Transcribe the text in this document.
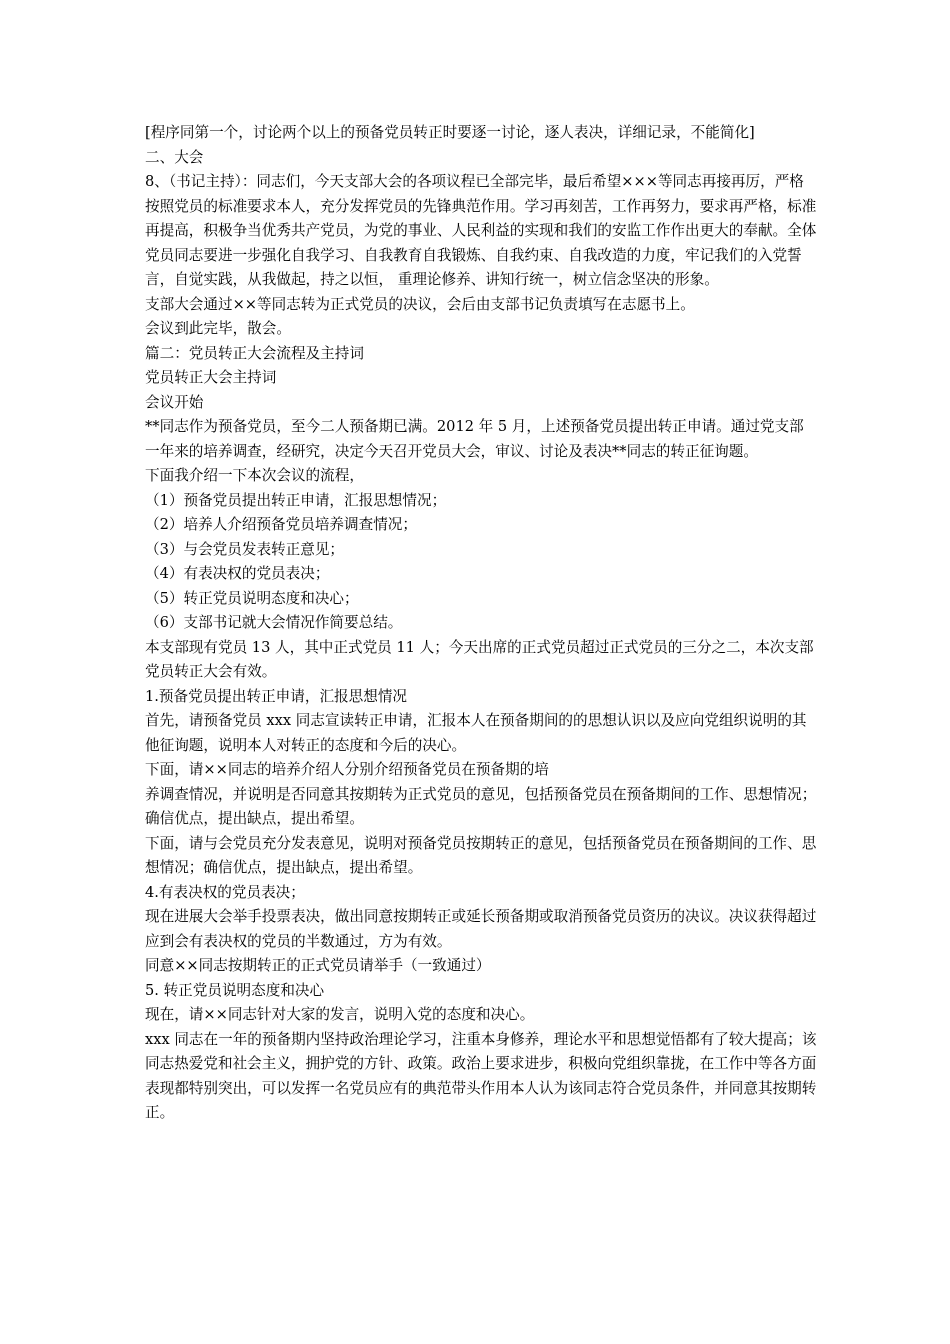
[程序同第一个，讨论两个以上的预备党员转正时要逐一讨论，逐人表决，详细记录，不能简化]

二、大会

8、（书记主持）：同志们，今天支部大会的各项议程已全部完毕，最后希望×××等同志再接再厉，严格按照党员的标准要求本人，充分发挥党员的先锋典范作用。学习再刻苦，工作再努力，要求再严格，标准再提高，积极争当优秀共产党员，为党的事业、人民利益的实现和我们的安监工作作出更大的奉献。全体党员同志要进一步强化自我学习、自我教育自我锻炼、自我约束、自我改造的力度，牢记我们的入党誓言，自觉实践，从我做起，持之以恒， 重理论修养、讲知行统一，树立信念坚决的形象。

支部大会通过××等同志转为正式党员的决议，会后由支部书记负责填写在志愿书上。

会议到此完毕，散会。

篇二：党员转正大会流程及主持词

党员转正大会主持词

会议开始

**同志作为预备党员，至今二人预备期已满。2012 年 5 月，上述预备党员提出转正申请。通过党支部一年来的培养调查，经研究，决定今天召开党员大会，审议、讨论及表决**同志的转正征询题。

下面我介绍一下本次会议的流程，

（1）预备党员提出转正申请，汇报思想情况；

（2）培养人介绍预备党员培养调查情况；

（3）与会党员发表转正意见；

（4）有表决权的党员表决；

（5）转正党员说明态度和决心；

（6）支部书记就大会情况作简要总结。

本支部现有党员 13 人，其中正式党员 11 人；今天出席的正式党员超过正式党员的三分之二，本次支部党员转正大会有效。

1.预备党员提出转正申请，汇报思想情况

首先，请预备党员 xxx 同志宣读转正申请，汇报本人在预备期间的的思想认识以及应向党组织说明的其他征询题，说明本人对转正的态度和今后的决心。

下面，请××同志的培养介绍人分别介绍预备党员在预备期的培

养调查情况，并说明是否同意其按期转为正式党员的意见，包括预备党员在预备期间的工作、思想情况；确信优点，提出缺点，提出希望。

下面，请与会党员充分发表意见，说明对预备党员按期转正的意见，包括预备党员在预备期间的工作、思想情况；确信优点，提出缺点，提出希望。

4.有表决权的党员表决；

现在进展大会举手投票表决，做出同意按期转正或延长预备期或取消预备党员资历的决议。决议获得超过应到会有表决权的党员的半数通过，方为有效。

同意××同志按期转正的正式党员请举手（一致通过）

5. 转正党员说明态度和决心

现在，请××同志针对大家的发言，说明入党的态度和决心。

xxx 同志在一年的预备期内坚持政治理论学习，注重本身修养，理论水平和思想觉悟都有了较大提高；该同志热爱党和社会主义，拥护党的方针、政策。政治上要求进步，积极向党组织靠拢，在工作中等各方面表现都特别突出，可以发挥一名党员应有的典范带头作用本人认为该同志符合党员条件，并同意其按期转正。
